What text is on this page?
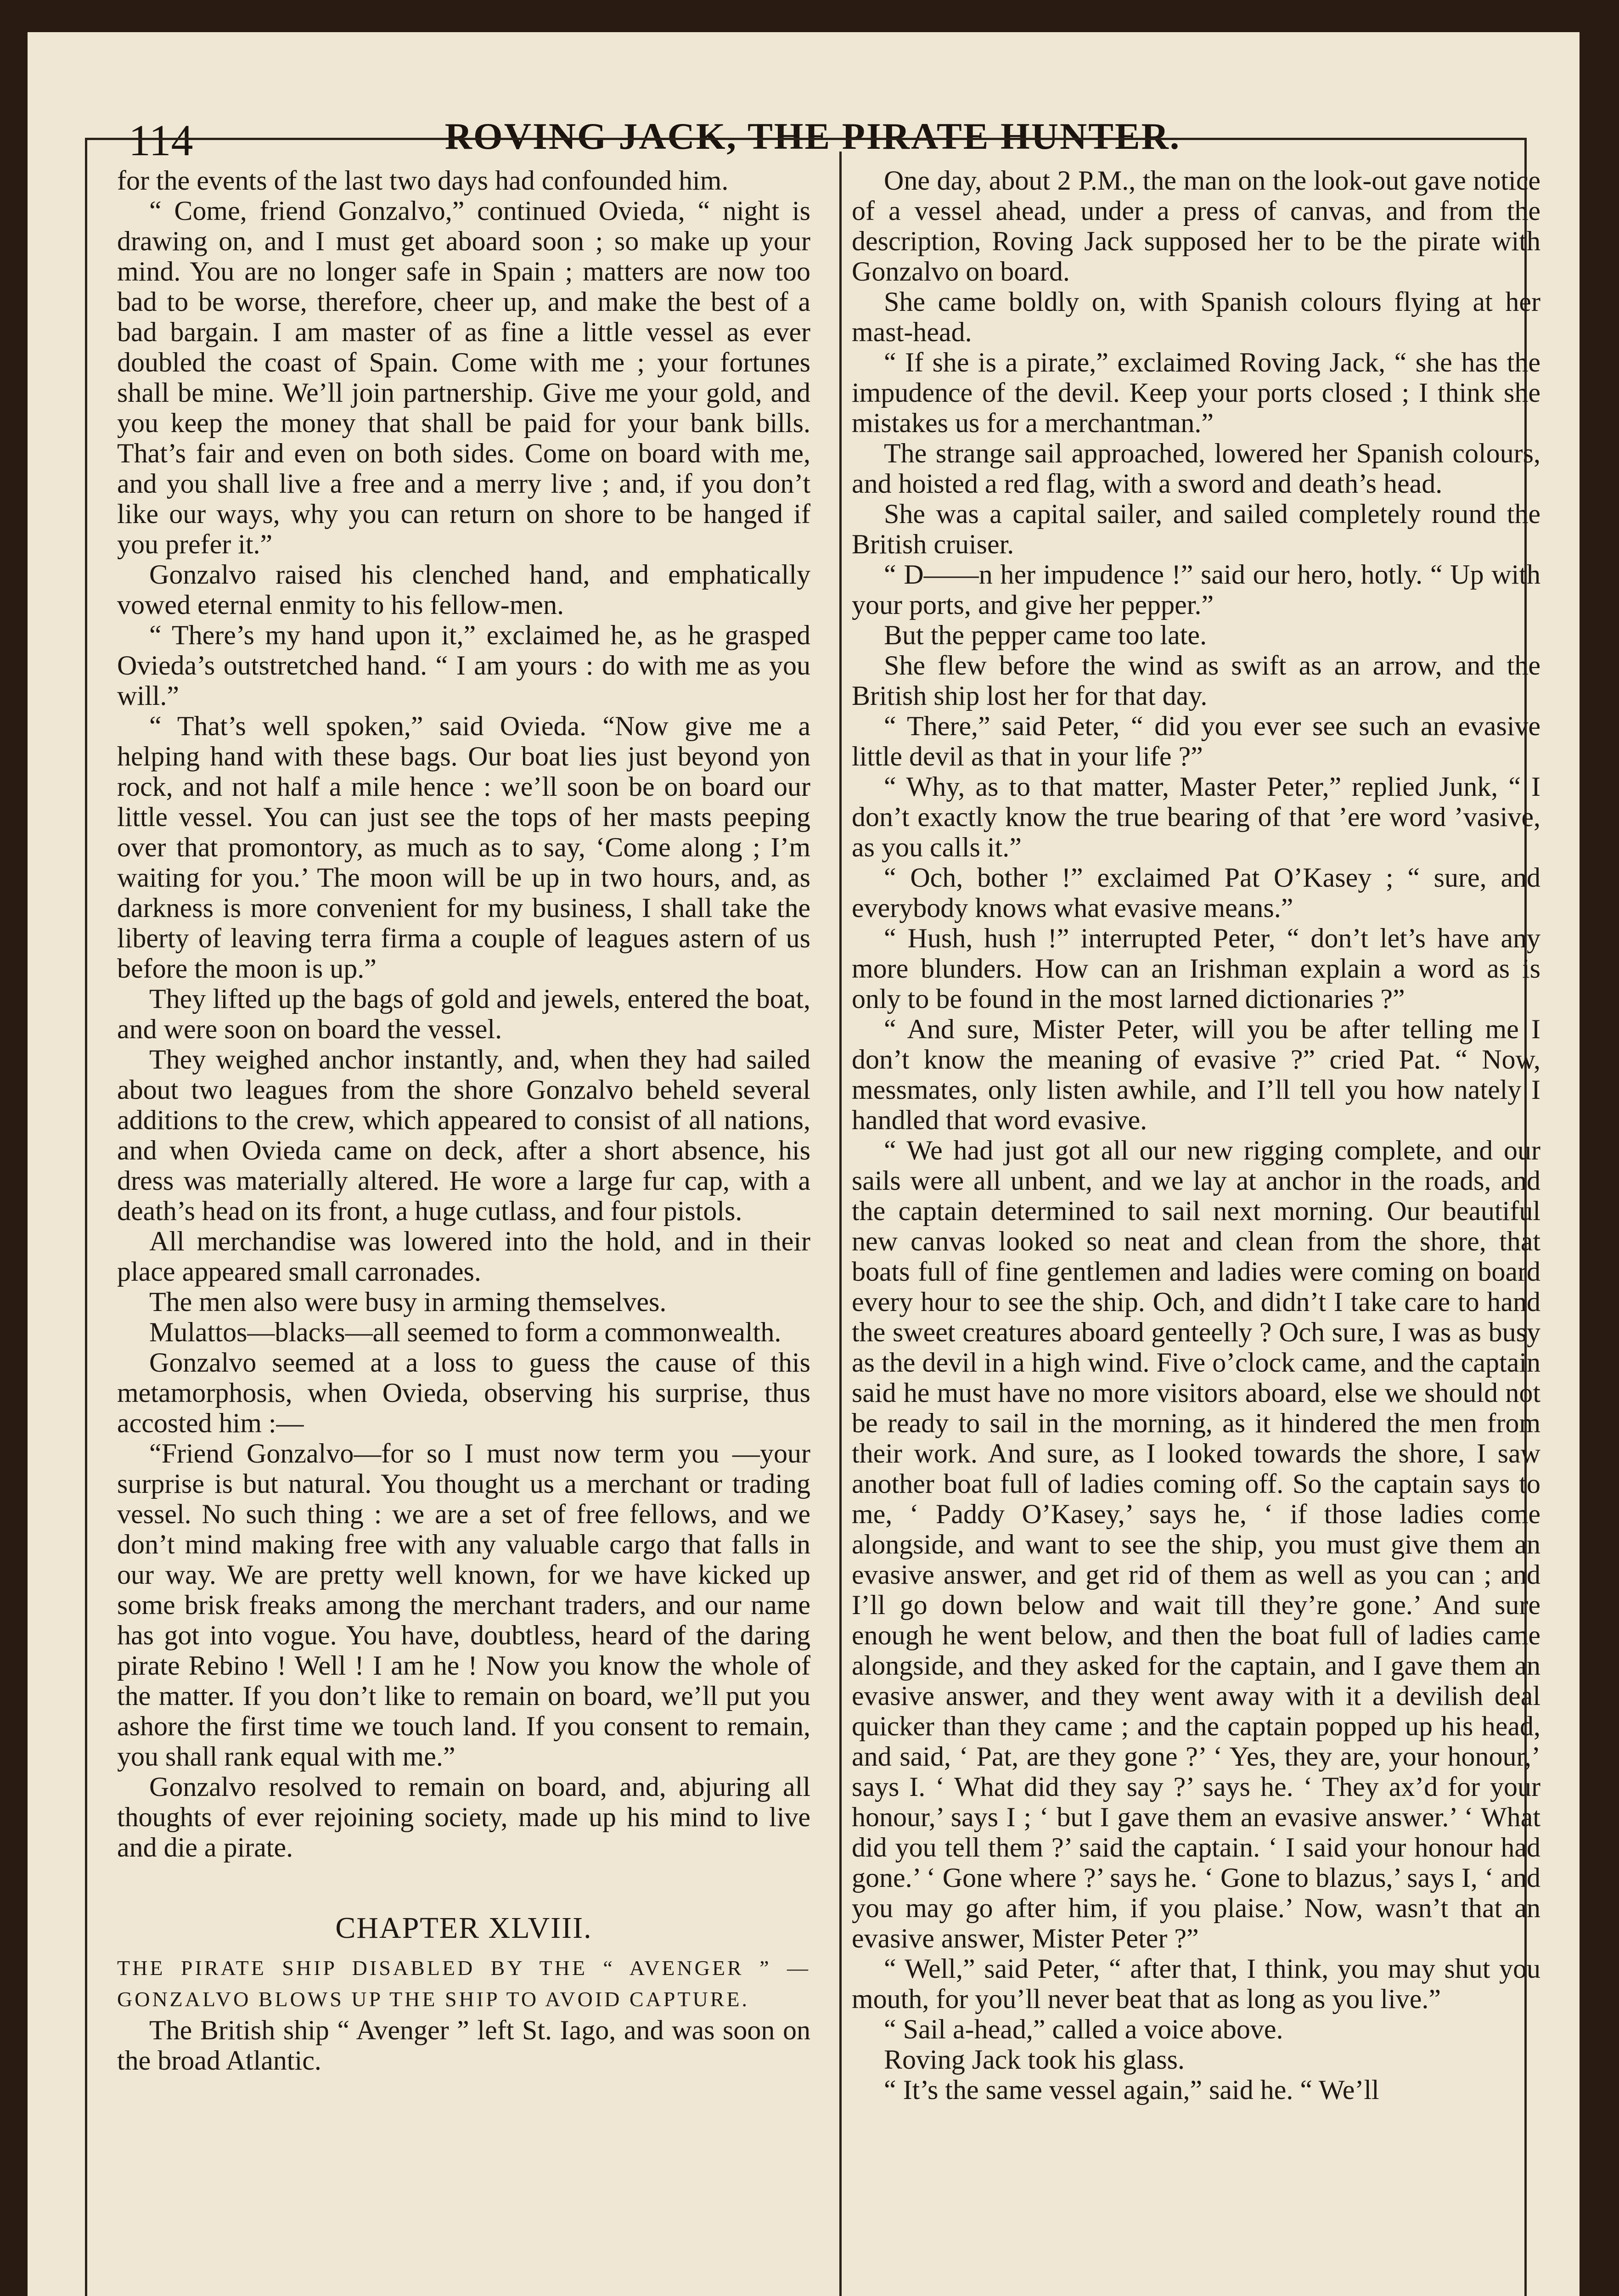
114	ROVING JACK, THE PIRATE HUNTER.

for the events of the last two days had confounded him.

“ Come, friend Gonzalvo,” continued Ovieda, “ night is drawing on, and I must get aboard soon ; so make up your mind. You are no longer safe in Spain ; matters are now too bad to be worse, therefore, cheer up, and make the best of a bad bargain. I am master of as fine a little vessel as ever doubled the coast of Spain. Come with me ; your fortunes shall be mine. We’ll join partnership. Give me your gold, and you keep the money that shall be paid for your bank bills. That’s fair and even on both sides. Come on board with me, and you shall live a free and a merry live ; and, if you don’t like our ways, why you can return on shore to be hanged if you prefer it.”

Gonzalvo raised his clenched hand, and emphatically vowed eternal enmity to his fellow-men.

“ There’s my hand upon it,” exclaimed he, as he grasped Ovieda’s outstretched hand. “ I am yours : do with me as you will.”

“ That’s well spoken,” said Ovieda. “Now give me a helping hand with these bags. Our boat lies just beyond yon rock, and not half a mile hence : we’ll soon be on board our little vessel. You can just see the tops of her masts peeping over that promontory, as much as to say, ‘Come along ; I’m waiting for you.’ The moon will be up in two hours, and, as darkness is more convenient for my business, I shall take the liberty of leaving terra firma a couple of leagues astern of us before the moon is up.”

They lifted up the bags of gold and jewels, entered the boat, and were soon on board the vessel.

They weighed anchor instantly, and, when they had sailed about two leagues from the shore Gonzalvo beheld several additions to the crew, which appeared to consist of all nations, and when Ovieda came on deck, after a short absence, his dress was materially altered. He wore a large fur cap, with a death’s head on its front, a huge cutlass, and four pistols.

All merchandise was lowered into the hold, and in their place appeared small carronades.

The men also were busy in arming themselves.

Mulattos—blacks—all seemed to form a commonwealth.

Gonzalvo seemed at a loss to guess the cause of this metamorphosis, when Ovieda, observing his surprise, thus accosted him :—

“Friend Gonzalvo—for so I must now term you —your surprise is but natural. You thought us a merchant or trading vessel. No such thing : we are a set of free fellows, and we don’t mind making free with any valuable cargo that falls in our way. We are pretty well known, for we have kicked up some brisk freaks among the merchant traders, and our name has got into vogue. You have, doubtless, heard of the daring pirate Rebino ! Well ! I am he ! Now you know the whole of the matter. If you don’t like to remain on board, we’ll put you ashore the first time we touch land. If you consent to remain, you shall rank equal with me.”

Gonzalvo resolved to remain on board, and, abjuring all thoughts of ever rejoining society, made up his mind to live and die a pirate.

CHAPTER XLVIII.
THE PIRATE SHIP DISABLED BY THE “ AVENGER ” —GONZALVO BLOWS UP THE SHIP TO AVOID CAPTURE.

The British ship “ Avenger ” left St. Iago, and was soon on the broad Atlantic.

One day, about 2 P.M., the man on the look-out gave notice of a vessel ahead, under a press of canvas, and from the description, Roving Jack supposed her to be the pirate with Gonzalvo on board.

She came boldly on, with Spanish colours flying at her mast-head.

“ If she is a pirate,” exclaimed Roving Jack, “ she has the impudence of the devil. Keep your ports closed ; I think she mistakes us for a merchantman.”

The strange sail approached, lowered her Spanish colours, and hoisted a red flag, with a sword and death’s head.

She was a capital sailer, and sailed completely round the British cruiser.

“ D——n her impudence !” said our hero, hotly. “ Up with your ports, and give her pepper.”

But the pepper came too late.

She flew before the wind as swift as an arrow, and the British ship lost her for that day.

“ There,” said Peter, “ did you ever see such an evasive little devil as that in your life ?”

“ Why, as to that matter, Master Peter,” replied Junk, “ I don’t exactly know the true bearing of that ’ere word ’vasive, as you calls it.”

“ Och, bother !” exclaimed Pat O’Kasey ; “ sure, and everybody knows what evasive means.”

“ Hush, hush !” interrupted Peter, “ don’t let’s have any more blunders. How can an Irishman explain a word as is only to be found in the most larned dictionaries ?”

“ And sure, Mister Peter, will you be after telling me I don’t know the meaning of evasive ?” cried Pat. “ Now, messmates, only listen awhile, and I’ll tell you how nately I handled that word evasive.

“ We had just got all our new rigging complete, and our sails were all unbent, and we lay at anchor in the roads, and the captain determined to sail next morning. Our beautiful new canvas looked so neat and clean from the shore, that boats full of fine gentlemen and ladies were coming on board every hour to see the ship. Och, and didn’t I take care to hand the sweet creatures aboard genteelly ? Och sure, I was as busy as the devil in a high wind. Five o’clock came, and the captain said he must have no more visitors aboard, else we should not be ready to sail in the morning, as it hindered the men from their work. And sure, as I looked towards the shore, I saw another boat full of ladies coming off. So the captain says to me, ‘ Paddy O’Kasey,’ says he, ‘ if those ladies come alongside, and want to see the ship, you must give them an evasive answer, and get rid of them as well as you can ; and I’ll go down below and wait till they’re gone.’ And sure enough he went below, and then the boat full of ladies came alongside, and they asked for the captain, and I gave them an evasive answer, and they went away with it a devilish deal quicker than they came ; and the captain popped up his head, and said, ‘ Pat, are they gone ?’ ‘ Yes, they are, your honour,’ says I. ‘ What did they say ?’ says he. ‘ They ax’d for your honour,’ says I ; ‘ but I gave them an evasive answer.’ ‘ What did you tell them ?’ said the captain. ‘ I said your honour had gone.’ ‘ Gone where ?’ says he. ‘ Gone to blazus,’ says I, ‘ and you may go after him, if you plaise.’ Now, wasn’t that an evasive answer, Mister Peter ?”

“ Well,” said Peter, “ after that, I think, you may shut you mouth, for you’ll never beat that as long as you live.”

“ Sail a-head,” called a voice above.

Roving Jack took his glass.

“ It’s the same vessel again,” said he. “ We’ll
